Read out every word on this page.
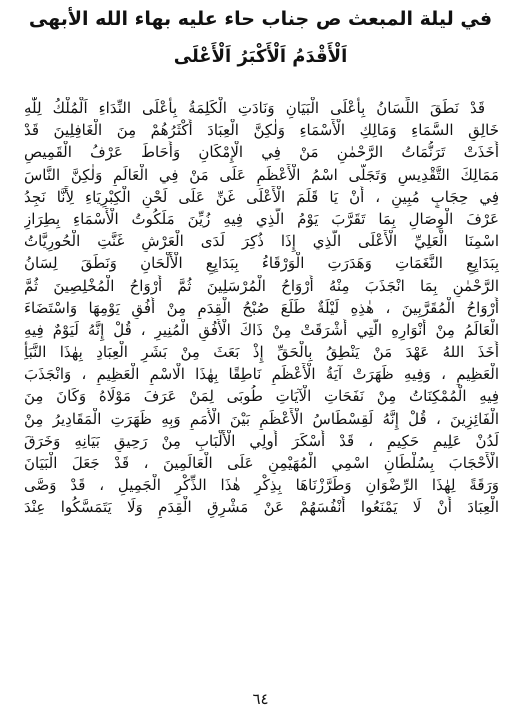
في ليلة المبعث ص جناب حاء عليه بهاء الله الأبهى
اَلْأَقْدَمُ اَلْأَكْبَرُ اَلْأَعْلَى
قَدْ نَطَقَ اللِّسَانُ بِأَعْلَى الْبَيَانِ وَنَادَتِ الْكَلِمَةُ بِأَعْلَى النِّدَاءِ اَلْمُلْكُ لِلّٰهِ
خَالِقِ السَّمَاءِ وَمَالِكِ الْأَسْمَاءِ وَلٰكِنَّ الْعِبَادَ أَكْثَرُهُمْ مِنَ الْغَافِلِينَ قَدْ
أَخَذَتْ تَرَنُّمَاتُ الرَّحْمٰنِ مَنْ فِي الْإِمْكَانِ وَأَحَاطَ عَرْفُ الْقَمِيصِ
مَمَالِكَ التَّقْدِيسِ وَتَجَلَّى اسْمُ الْأَعْظَمِ عَلَى مَنْ فِي الْعَالَمِ وَلٰكِنَّ النَّاسَ
فِي حِجَابٍ مُبِينٍ ، أَنْ يَا قَلَمَ الْأَعْلَى غَنِّ عَلَى لَحْنِ الْكِبْرِيَاءِ لِأَنَّا نَجِدُ
عَرْفَ الْوِصَالِ بِمَا تَقَرَّبَ يَوْمُ الَّذِي فِيهِ زُيِّنَ مَلَكُوتُ الْأَسْمَاءِ بِطِرَازِ
اسْمِنَا الْعَلِيِّ الْأَعْلَى الَّذِي إِذَا ذُكِرَ لَدَى الْعَرْشِ غَنَّتِ الْحُورِيَّاتُ
بِبَدَايِعِ النَّغَمَاتِ وَهَدَرَتِ الْوَرْقَاءُ بِبَدَايِعِ الْأَلْحَانِ وَنَطَقَ لِسَانُ
الرَّحْمٰنِ بِمَا انْجَذَبَ مِنْهُ أَرْوَاحُ الْمُرْسَلِينَ ثُمَّ أَرْوَاحُ الْمُخْلِصِينَ ثُمَّ
أَرْوَاحُ الْمُقَرَّبِينَ ، هٰذِهِ لَيْلَةٌ طَلَعَ صُبْحُ الْقِدَمِ مِنْ أُفُقِ يَوْمِهَا وَاسْتَضَاءَ
الْعَالَمُ مِنْ أَنْوَارِهِ الَّتِي أَشْرَقَتْ مِنْ ذَاكَ الْأُفُقِ الْمُنِيرِ ، قُلْ إِنَّهُ لَيَوْمٌ فِيهِ
أَخَذَ اللهُ عَهْدَ مَنْ يَنْطِقُ بِالْحَقِّ إِذْ بَعَثَ مِنْ بَشَرِ الْعِبَادِ بِهٰذَا النَّبَأِ
الْعَظِيمِ ، وَفِيهِ ظَهَرَتْ آيَةُ الْأَعْظَمِ نَاطِقًا بِهٰذَا الْاسْمِ الْعَظِيمِ ، وَانْجَذَبَ
فِيهِ الْمُمْكِنَاتُ مِنْ نَفَحَاتِ الْآيَاتِ طُوبَى لِمَنْ عَرَفَ مَوْلَاهُ وَكَانَ مِنَ
الْفَائِزِينَ ، قُلْ إِنَّهُ لَقِسْطَاسُ الْأَعْظَمِ بَيْنَ الْأُمَمِ وَبِهِ ظَهَرَتِ الْمَقَادِيرُ مِنْ
لَدُنْ عَلِيمٍ حَكِيمٍ ، قَدْ أَسْكَرَ أُولِي الْأَلْبَابِ مِنْ رَحِيقِ بَيَانِهِ وَخَرَقَ
الْأَحْجَابَ بِسُلْطَانِ اسْمِي الْمُهَيْمِنِ عَلَى الْعَالَمِينَ ، قَدْ جَعَلَ الْبَيَانَ
وَرَقَةً لِهٰذَا الرِّضْوَانِ وَطَرَّزْنَاهَا بِذِكْرِ هٰذَا الذِّكْرِ الْجَمِيلِ ، قَدْ وَصَّى
الْعِبَادَ أَنْ لَا يَمْنَعُوا أَنْفُسَهُمْ عَنْ مَشْرِقِ الْقِدَمِ وَلَا يَتَمَسَّكُوا عِنْدَ
٦٤
